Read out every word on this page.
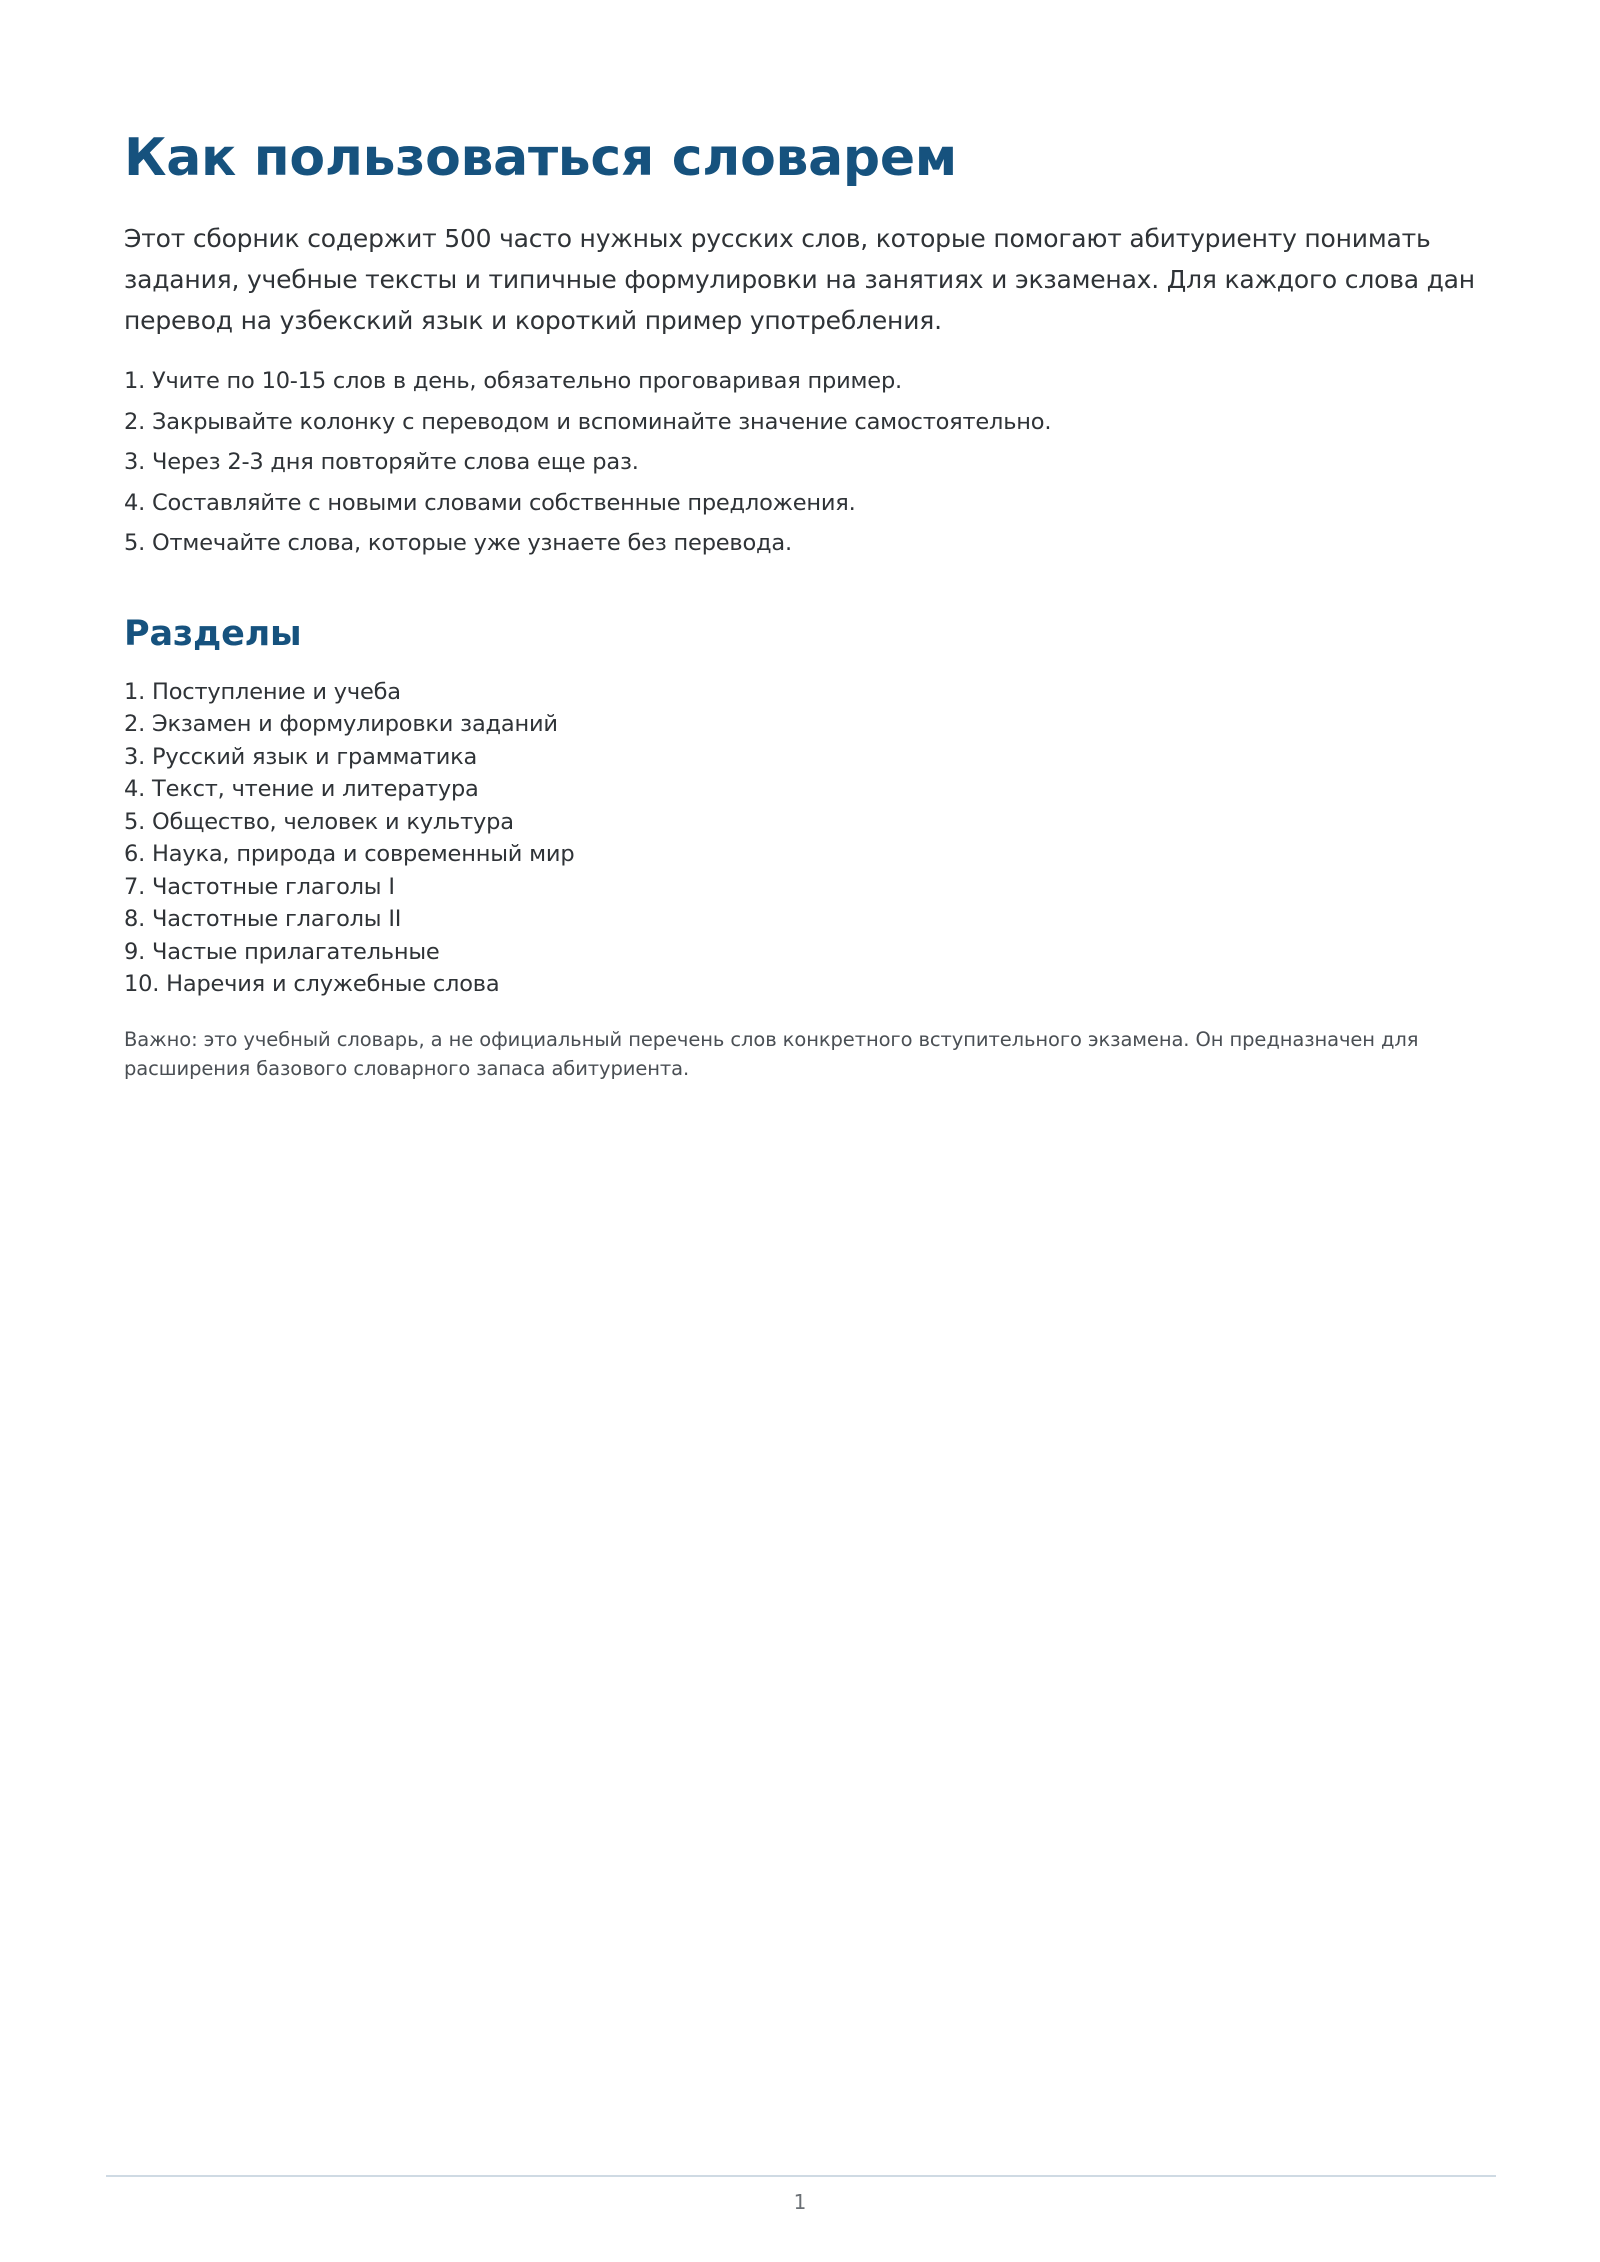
Как пользоваться словарем

Этот сборник содержит 500 часто нужных русских слов, которые помогают абитуриенту понимать задания, учебные тексты и типичные формулировки на занятиях и экзаменах. Для каждого слова дан перевод на узбекский язык и короткий пример употребления.

1. Учите по 10-15 слов в день, обязательно проговаривая пример.
2. Закрывайте колонку с переводом и вспоминайте значение самостоятельно.
3. Через 2-3 дня повторяйте слова еще раз.
4. Составляйте с новыми словами собственные предложения.
5. Отмечайте слова, которые уже узнаете без перевода.
Разделы
1. Поступление и учеба
2. Экзамен и формулировки заданий
3. Русский язык и грамматика
4. Текст, чтение и литература
5. Общество, человек и культура
6. Наука, природа и современный мир
7. Частотные глаголы I
8. Частотные глаголы II
9. Частые прилагательные
10. Наречия и служебные слова

Важно: это учебный словарь, а не официальный перечень слов конкретного вступительного экзамена. Он предназначен для расширения базового словарного запаса абитуриента.

1
